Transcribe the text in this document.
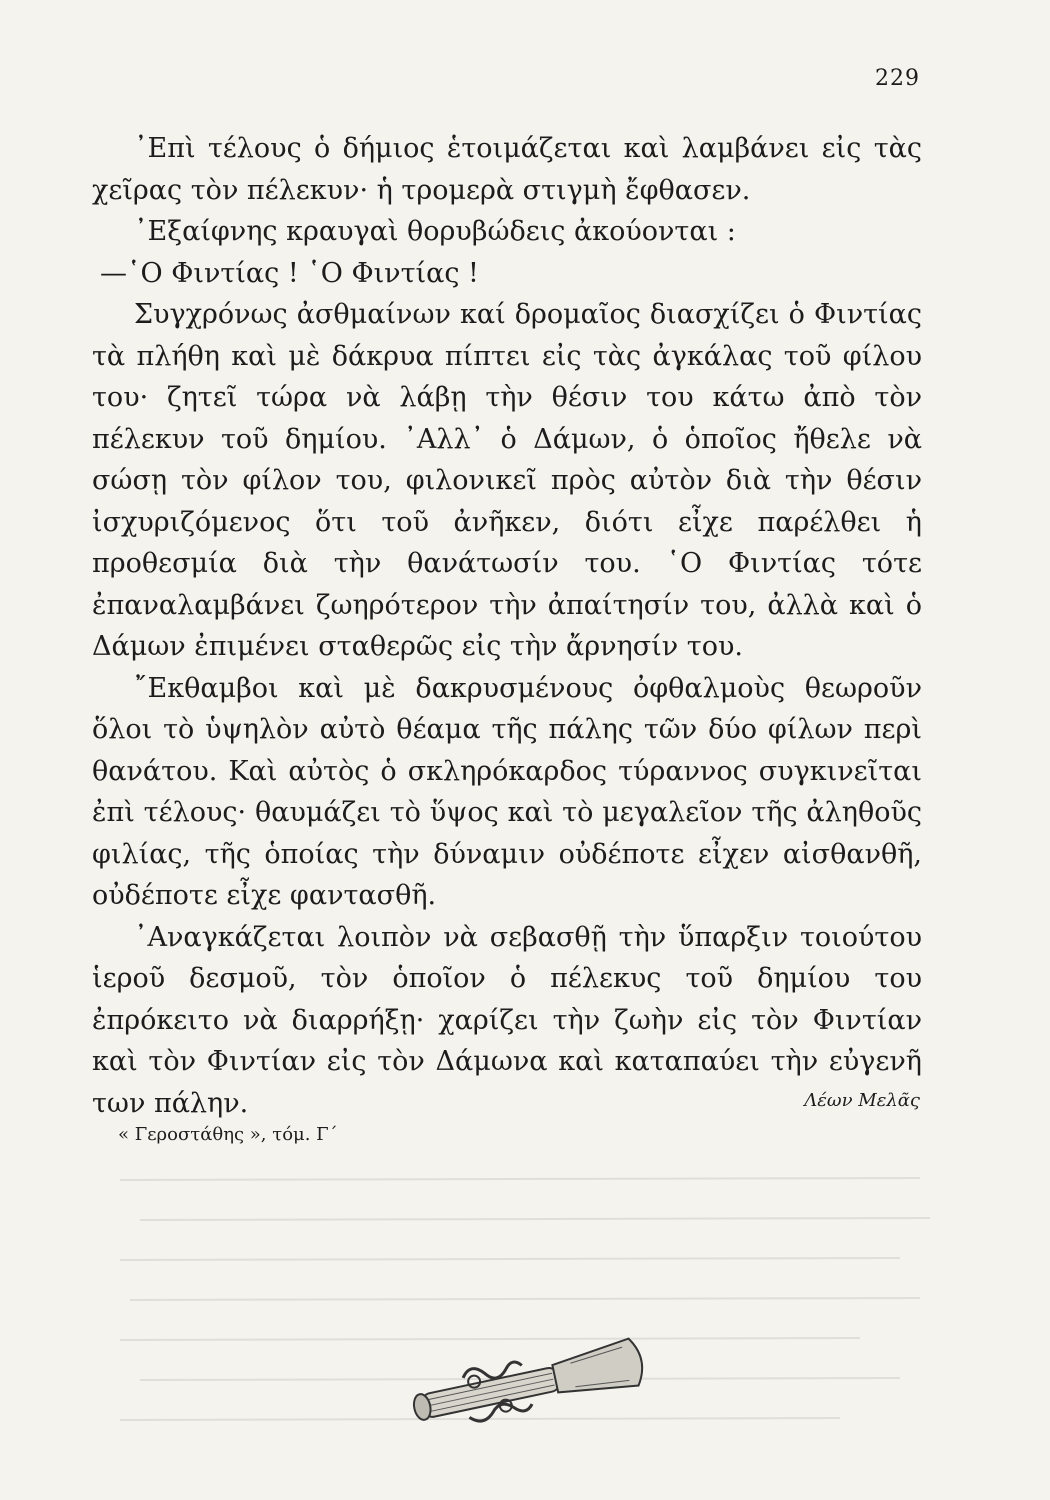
229

᾿Επὶ τέλους ὁ δήμιος ἑτοιμάζεται καὶ λαμβάνει εἰς τὰς χεῖρας τὸν πέλεκυν· ἡ τρομερὰ στιγμὴ ἔφθασεν.

᾿Εξαίφνης κραυγαὶ θορυβώδεις ἀκούονται :

—῾Ο Φιντίας ! ῾Ο Φιντίας !

Συγχρόνως ἀσθμαίνων καί δρομαῖος διασχίζει ὁ Φιντίας τὰ πλήθη καὶ μὲ δάκρυα πίπτει εἰς τὰς ἀγκάλας τοῦ φίλου του· ζητεῖ τώρα νὰ λάβῃ τὴν θέσιν του κάτω ἀπὸ τὸν πέλεκυν τοῦ δημίου. ᾿Αλλ᾿ ὁ Δάμων, ὁ ὁποῖος ἤθελε νὰ σώσῃ τὸν φίλον του, φιλονικεῖ πρὸς αὐτὸν διὰ τὴν θέσιν ἰσχυριζόμενος ὅτι τοῦ ἀνῆκεν, διότι εἶχε παρέλθει ἡ προθεσμία διὰ τὴν θανάτωσίν του. ῾Ο Φιντίας τότε ἐπαναλαμβάνει ζωηρότερον τὴν ἀπαίτησίν του, ἀλλὰ καὶ ὁ Δάμων ἐπιμένει σταθερῶς εἰς τὴν ἄρνησίν του.

῎Εκθαμβοι καὶ μὲ δακρυσμένους ὀφθαλμοὺς θεωροῦν ὅλοι τὸ ὑψηλὸν αὐτὸ θέαμα τῆς πάλης τῶν δύο φίλων περὶ θανάτου. Καὶ αὐτὸς ὁ σκληρόκαρδος τύραννος συγκινεῖται ἐπὶ τέλους· θαυμάζει τὸ ὕψος καὶ τὸ μεγαλεῖον τῆς ἀληθοῦς φιλίας, τῆς ὁποίας τὴν δύναμιν οὐδέποτε εἶχεν αἰσθανθῆ, οὐδέποτε εἶχε φαντασθῆ.

᾿Αναγκάζεται λοιπὸν νὰ σεβασθῇ τὴν ὕπαρξιν τοιούτου ἱεροῦ δεσμοῦ, τὸν ὁποῖον ὁ πέλεκυς τοῦ δημίου του ἐπρόκειτο νὰ διαρρήξῃ· χαρίζει τὴν ζωὴν εἰς τὸν Φιντίαν καὶ τὸν Φιντίαν εἰς τὸν Δάμωνα καὶ καταπαύει τὴν εὐγενῆ των πάλην.	Λέων Μελᾶς
« Γεροστάθης », τόμ. Γ΄
